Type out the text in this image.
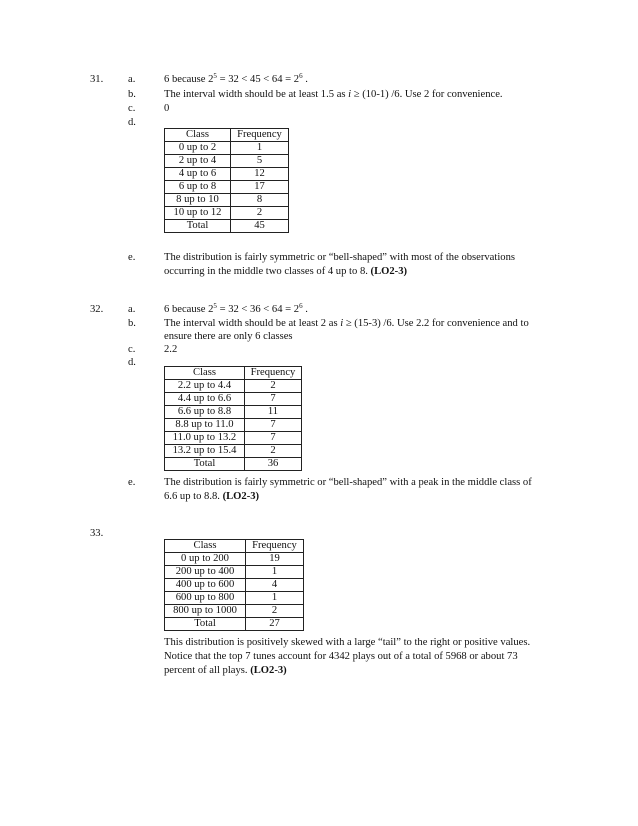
31. a.	6 because $2^5 = 32 < 45 < 64 = 2^6$ .
b.	The interval width should be at least 1.5 as i ≥ (10-1) /6. Use 2 for convenience.
c.	0
d.
Class	Frequency
0 up to 2	1
2 up to 4	5
4 up to 6	12
6 up to 8	17
8 up to 10	8
10 up to 12	2
Total	45
e.	The distribution is fairly symmetric or “bell-shaped” with most of the observations
occurring in the middle two classes of 4 up to 8. (LO2-3)
32. a.	6 because $2^5 = 32 < 36 < 64 = 2^6$ .
b.	The interval width should be at least 2 as i ≥ (15-3) /6. Use 2.2 for convenience and to
ensure there are only 6 classes
c.	2.2
d.
Class	Frequency
2.2 up to 4.4	2
4.4 up to 6.6	7
6.6 up to 8.8	11
8.8 up to 11.0	7
11.0 up to 13.2	7
13.2 up to 15.4	2
Total	36
e.	The distribution is fairly symmetric or “bell-shaped” with a peak in the middle class of
6.6 up to 8.8. (LO2-3)
33.
Class	Frequency
0 up to 200	19
200 up to 400	1
400 up to 600	4
600 up to 800	1
800 up to 1000	2
Total	27
This distribution is positively skewed with a large “tail” to the right or positive values.
Notice that the top 7 tunes account for 4342 plays out of a total of 5968 or about 73
percent of all plays. (LO2-3)
